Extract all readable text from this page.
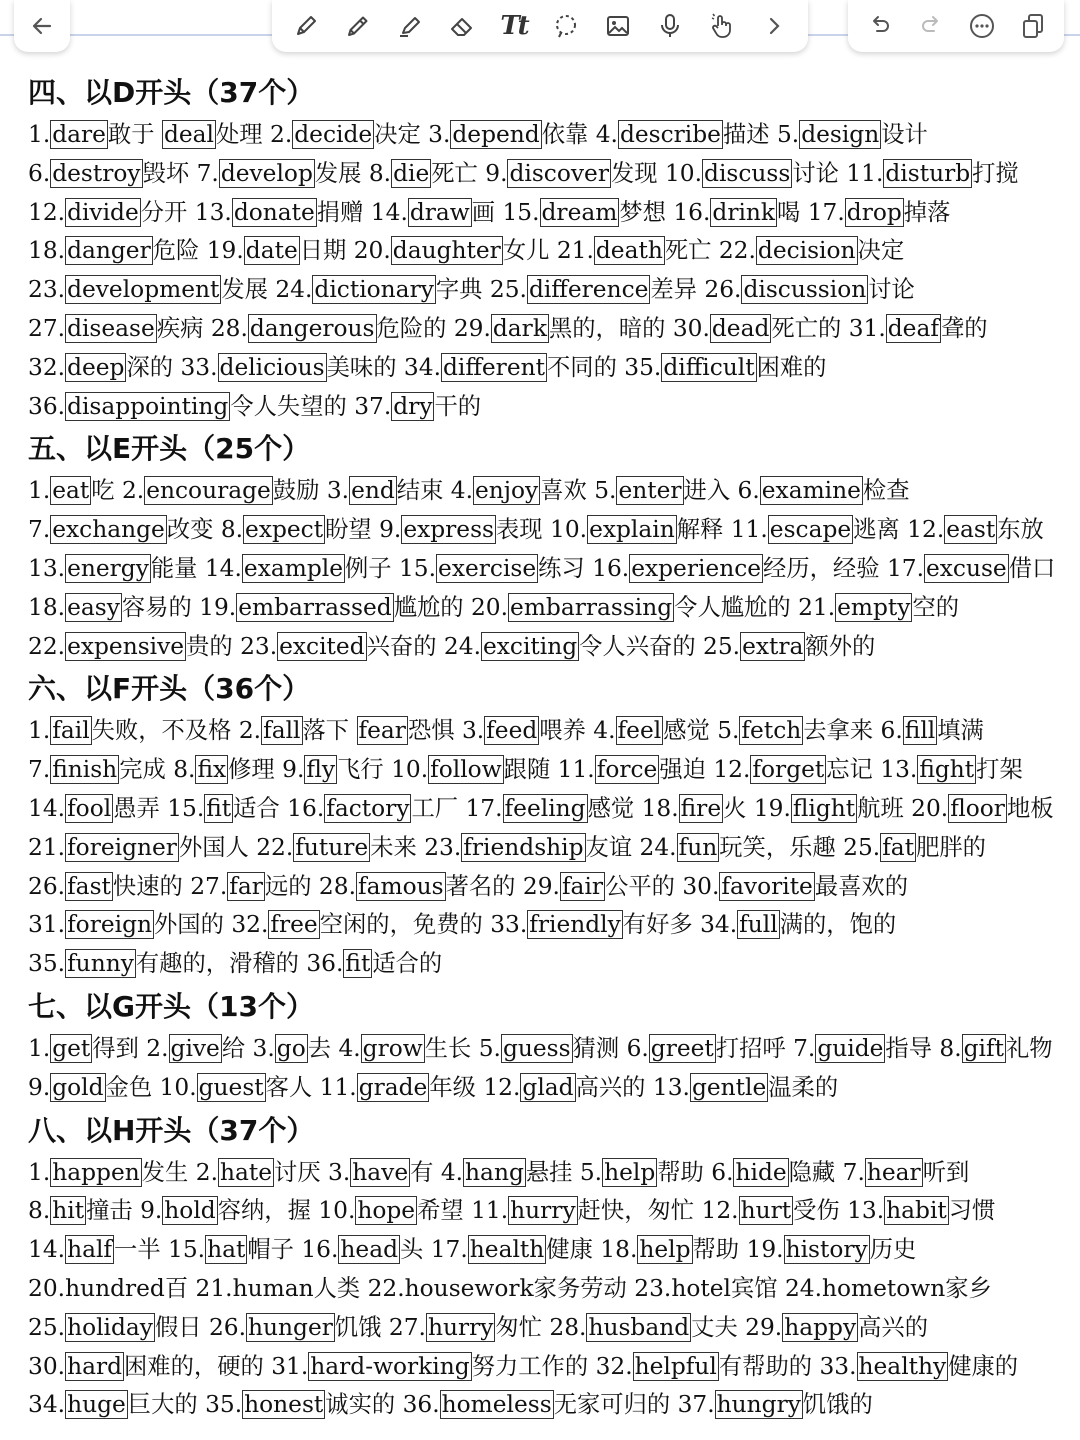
Tt
四、以D开头（37个）
1.dare敢于 deal处理 2.decide决定 3.depend依靠 4.describe描述 5.design设计 6.destroy毁坏 7.develop发展 8.die死亡 9.discover发现 10.discuss讨论 11.disturb打搅 12.divide分开 13.donate捐赠 14.draw画 15.dream梦想 16.drink喝 17.drop掉落 18.danger危险 19.date日期 20.daughter女儿 21.death死亡 22.decision决定 23.development发展 24.dictionary字典 25.difference差异 26.discussion讨论 27.disease疾病 28.dangerous危险的 29.dark黑的，暗的 30.dead死亡的 31.deaf聋的 32.deep深的 33.delicious美味的 34.different不同的 35.difficult困难的 36.disappointing令人失望的 37.dry干的
五、以E开头（25个）
1.eat吃 2.encourage鼓励 3.end结束 4.enjoy喜欢 5.enter进入 6.examine检查 7.exchange改变 8.expect盼望 9.express表现 10.explain解释 11.escape逃离 12.east东放 13.energy能量 14.example例子 15.exercise练习 16.experience经历，经验 17.excuse借口 18.easy容易的 19.embarrassed尴尬的 20.embarrassing令人尴尬的 21.empty空的 22.expensive贵的 23.excited兴奋的 24.exciting令人兴奋的 25.extra额外的
六、以F开头（36个）
1.fail失败，不及格 2.fall落下 fear恐惧 3.feed喂养 4.feel感觉 5.fetch去拿来 6.fill填满 7.finish完成 8.fix修理 9.fly飞行 10.follow跟随 11.force强迫 12.forget忘记 13.fight打架 14.fool愚弄 15.fit适合 16.factory工厂 17.feeling感觉 18.fire火 19.flight航班 20.floor地板 21.foreigner外国人 22.future未来 23.friendship友谊 24.fun玩笑，乐趣 25.fat肥胖的 26.fast快速的 27.far远的 28.famous著名的 29.fair公平的 30.favorite最喜欢的 31.foreign外国的 32.free空闲的，免费的 33.friendly有好多 34.full满的，饱的 35.funny有趣的，滑稽的 36.fit适合的
七、以G开头（13个）
1.get得到 2.give给 3.go去 4.grow生长 5.guess猜测 6.greet打招呼 7.guide指导 8.gift礼物 9.gold金色 10.guest客人 11.grade年级 12.glad高兴的 13.gentle温柔的
八、以H开头（37个）
1.happen发生 2.hate讨厌 3.have有 4.hang悬挂 5.help帮助 6.hide隐藏 7.hear听到 8.hit撞击 9.hold容纳，握 10.hope希望 11.hurry赶快，匆忙 12.hurt受伤 13.habit习惯 14.half一半 15.hat帽子 16.head头 17.health健康 18.help帮助 19.history历史 20.hundred百 21.human人类 22.housework家务劳动 23.hotel宾馆 24.hometown家乡 25.holiday假日 26.hunger饥饿 27.hurry匆忙 28.husband丈夫 29.happy高兴的 30.hard困难的，硬的 31.hard-working努力工作的 32.helpful有帮助的 33.healthy健康的 34.huge巨大的 35.honest诚实的 36.homeless无家可归的 37.hungry饥饿的
